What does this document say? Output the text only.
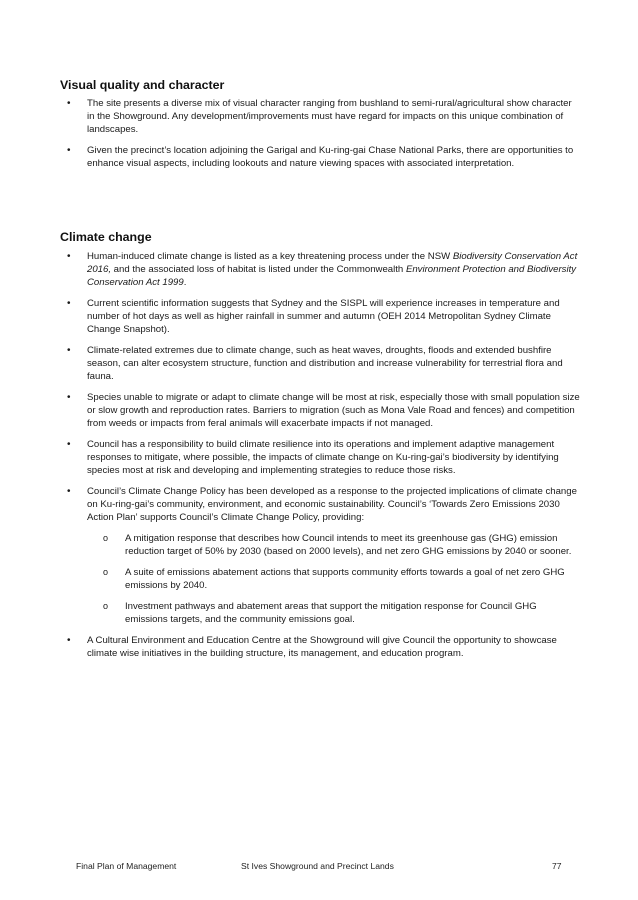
Visual quality and character
• The site presents a diverse mix of visual character ranging from bushland to semi-rural/agricultural show character in the Showground. Any development/improvements must have regard for impacts on this unique combination of landscapes.
• Given the precinct’s location adjoining the Garigal and Ku-ring-gai Chase National Parks, there are opportunities to enhance visual aspects, including lookouts and nature viewing spaces with associated interpretation.
Climate change
• Human-induced climate change is listed as a key threatening process under the NSW Biodiversity Conservation Act 2016, and the associated loss of habitat is listed under the Commonwealth Environment Protection and Biodiversity Conservation Act 1999.
• Current scientific information suggests that Sydney and the SISPL will experience increases in temperature and number of hot days as well as higher rainfall in summer and autumn (OEH 2014 Metropolitan Sydney Climate Change Snapshot).
• Climate-related extremes due to climate change, such as heat waves, droughts, floods and extended bushfire season, can alter ecosystem structure, function and distribution and increase vulnerability for terrestrial flora and fauna.
• Species unable to migrate or adapt to climate change will be most at risk, especially those with small population size or slow growth and reproduction rates. Barriers to migration (such as Mona Vale Road and fences) and competition from weeds or impacts from feral animals will exacerbate impacts if not managed.
• Council has a responsibility to build climate resilience into its operations and implement adaptive management responses to mitigate, where possible, the impacts of climate change on Ku-ring-gai’s biodiversity by identifying species most at risk and developing and implementing strategies to reduce those risks.
• Council’s Climate Change Policy has been developed as a response to the projected implications of climate change on Ku-ring-gai’s community, environment, and economic sustainability. Council’s ‘Towards Zero Emissions 2030 Action Plan’ supports Council’s Climate Change Policy, providing:
o A mitigation response that describes how Council intends to meet its greenhouse gas (GHG) emission reduction target of 50% by 2030 (based on 2000 levels), and net zero GHG emissions by 2040 or sooner.
o A suite of emissions abatement actions that supports community efforts towards a goal of net zero GHG emissions by 2040.
o Investment pathways and abatement areas that support the mitigation response for Council GHG emissions targets, and the community emissions goal.
• A Cultural Environment and Education Centre at the Showground will give Council the opportunity to showcase climate wise initiatives in the building structure, its management, and education program.
Final Plan of Management	St Ives Showground and Precinct Lands	77
